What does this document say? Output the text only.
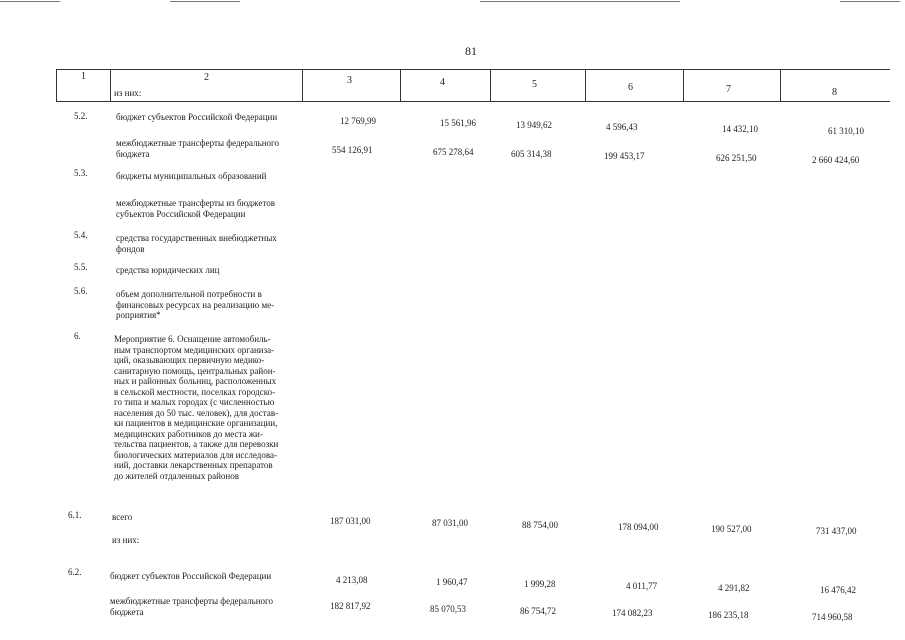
81
1	2	3	4	5	6	7	8
из них:
5.2.	бюджет субъектов Российской Федерации	12 769,99	15 561,96	13 949,62	4 596,43	14 432,10	61 310,10
межбюджетные трансферты федерального
бюджета	554 126,91	675 278,64	605 314,38	199 453,17	626 251,50	2 660 424,60
5.3.	бюджеты муниципальных образований
межбюджетные трансферты из бюджетов
субъектов Российской Федерации
5.4.	средства государственных внебюджетных
фондов
5.5.	средства юридических лиц
5.6.	объем дополнительной потребности в
финансовых ресурсах на реализацию ме-
роприятия*
6.	Мероприятие 6. Оснащение автомобиль-
ным транспортом медицинских организа-
ций, оказывающих первичную медико-
санитарную помощь, центральных район-
ных и районных больниц, расположенных
в сельской местности, поселках городско-
го типа и малых городах (с численностью
населения до 50 тыс. человек), для достав-
ки пациентов в медицинские организации,
медицинских работников до места жи-
тельства пациентов, а также для перевозки
биологических материалов для исследова-
ний, доставки лекарственных препаратов
до жителей отдаленных районов
6.1.	всего	187 031,00	87 031,00	88 754,00	178 094,00	190 527,00	731 437,00
из них:
6.2.	бюджет субъектов Российской Федерации	4 213,08	1 960,47	1 999,28	4 011,77	4 291,82	16 476,42
межбюджетные трансферты федерального
бюджета
182 817,92	85 070,53	86 754,72	174 082,23	186 235,18	714 960,58
